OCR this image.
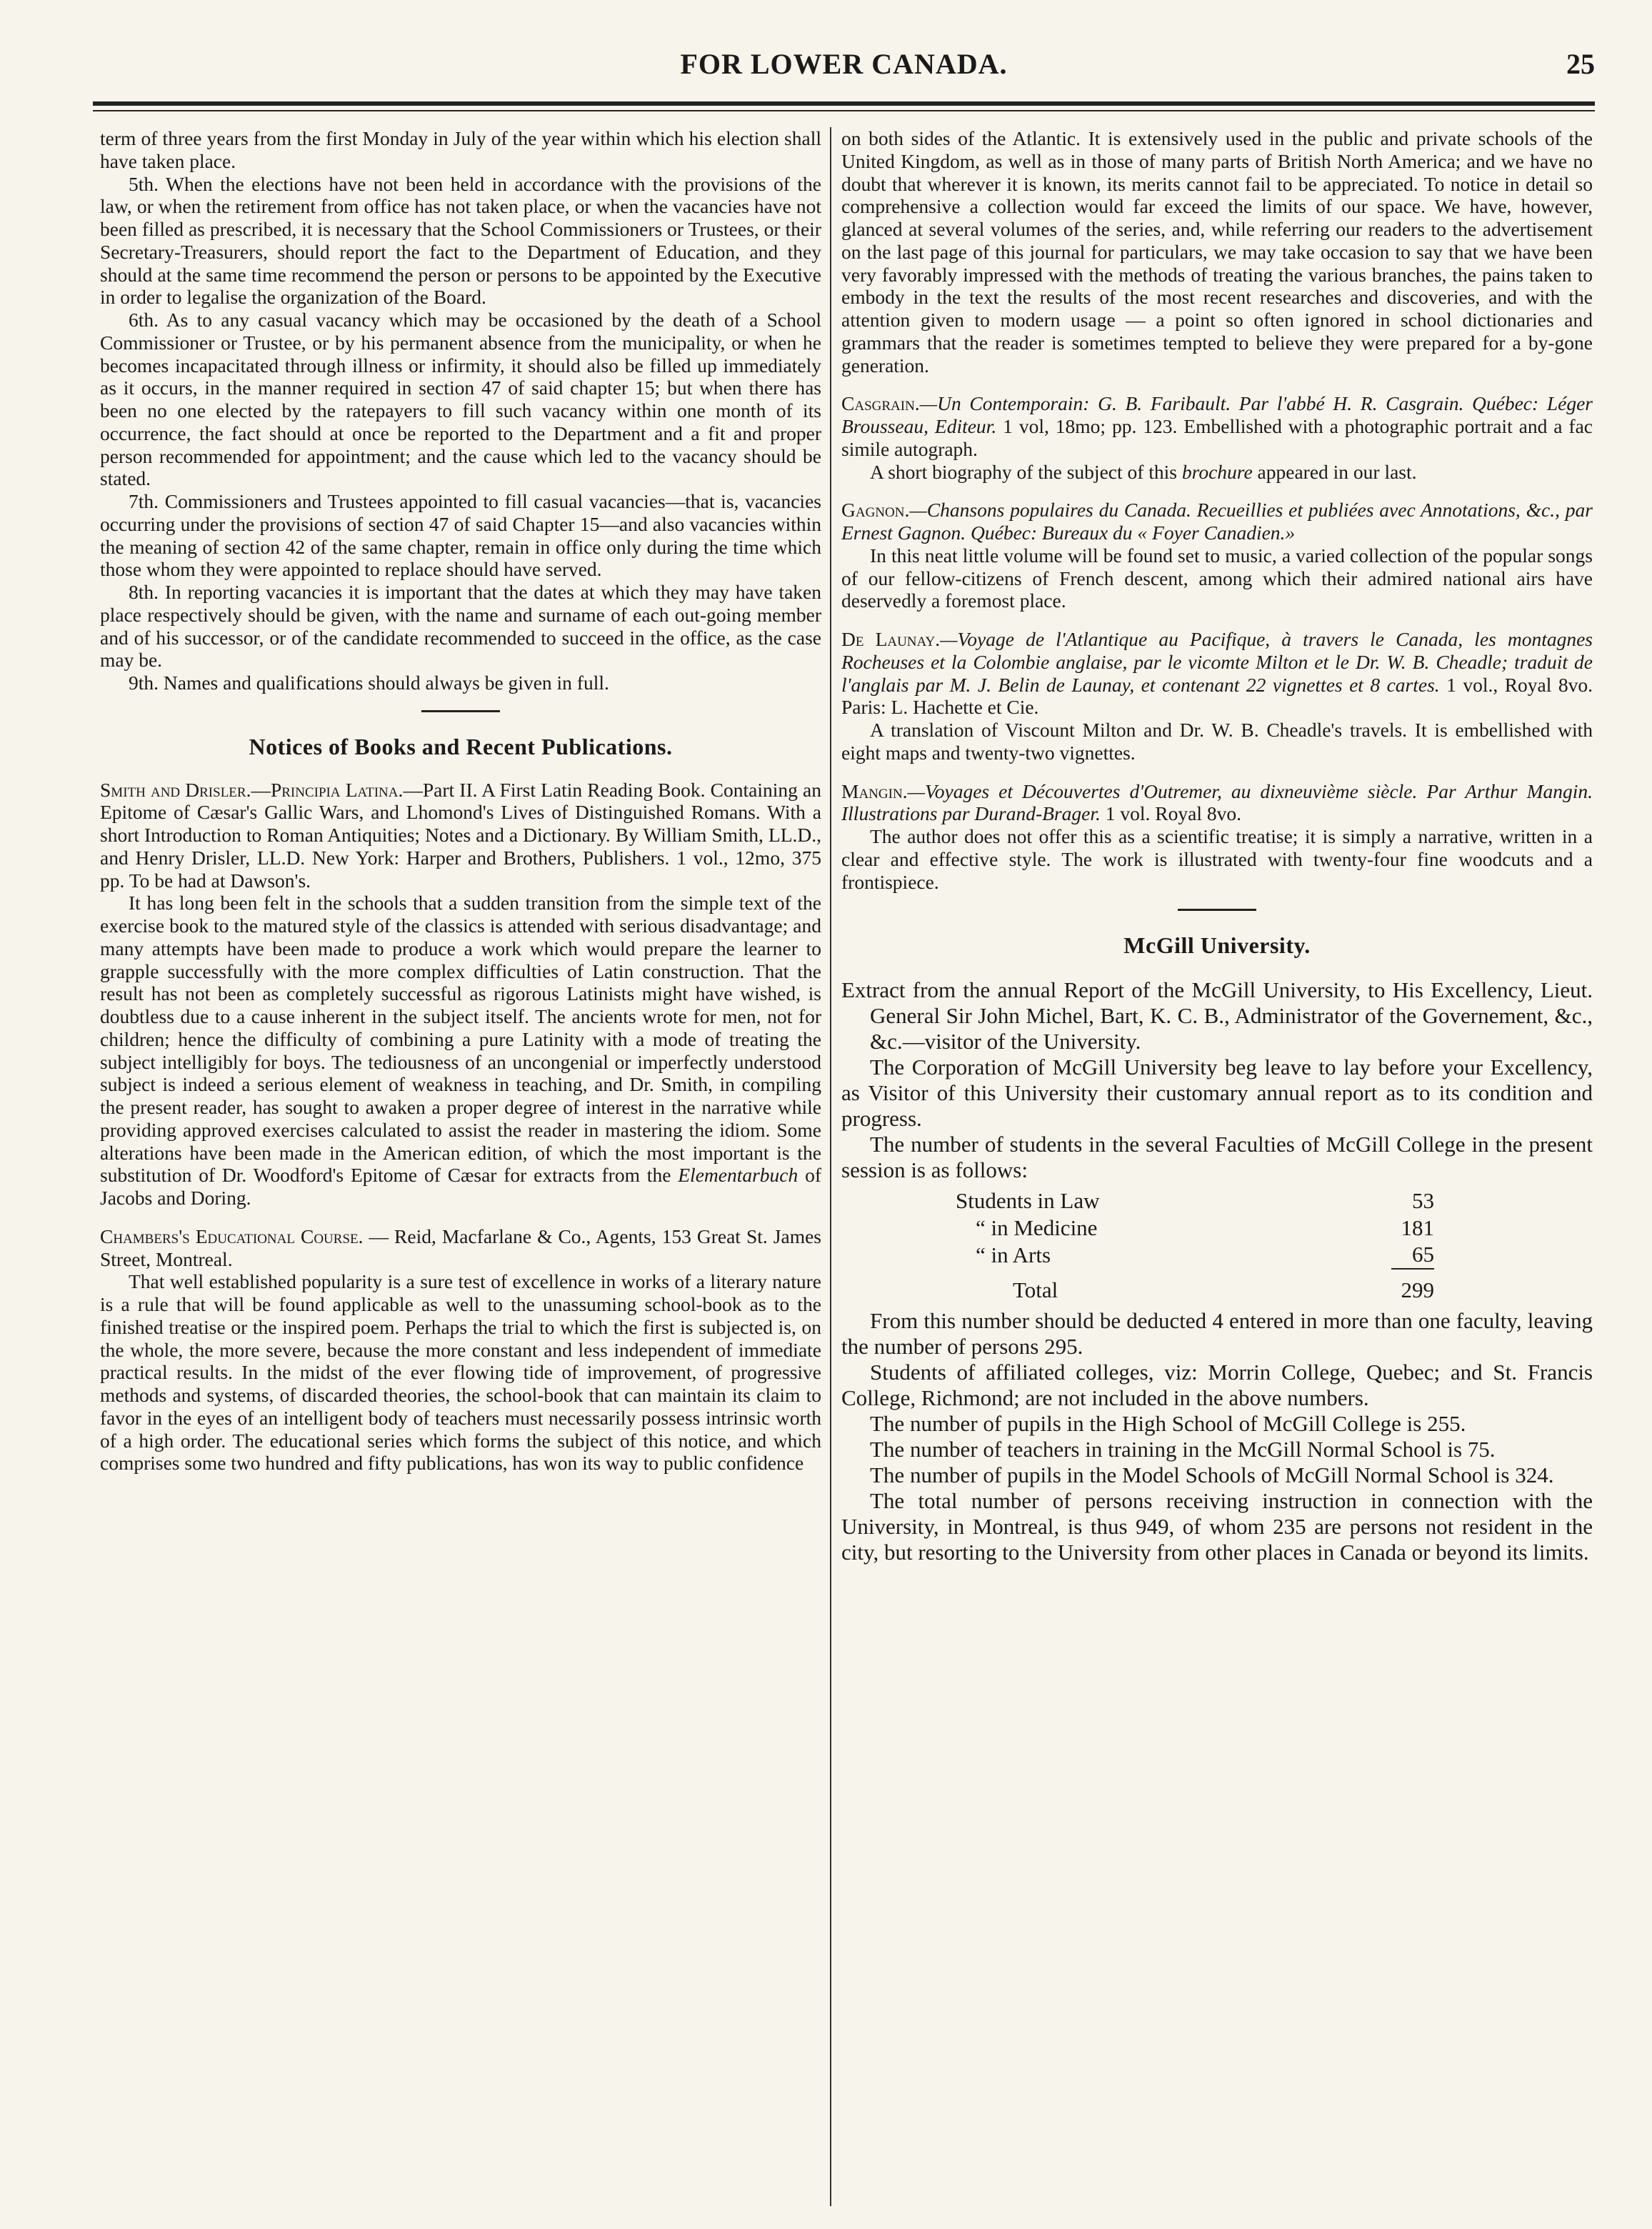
FOR LOWER CANADA.	25

term of three years from the first Monday in July of the year within which his election shall have taken place.

5th. When the elections have not been held in accordance with the provisions of the law, or when the retirement from office has not taken place, or when the vacancies have not been filled as prescribed, it is necessary that the School Commissioners or Trustees, or their Secretary-Treasurers, should report the fact to the Department of Education, and they should at the same time recommend the person or persons to be appointed by the Executive in order to legalise the organization of the Board.

6th. As to any casual vacancy which may be occasioned by the death of a School Commissioner or Trustee, or by his permanent absence from the municipality, or when he becomes incapacitated through illness or infirmity, it should also be filled up immediately as it occurs, in the manner required in section 47 of said chapter 15; but when there has been no one elected by the ratepayers to fill such vacancy within one month of its occurrence, the fact should at once be reported to the Department and a fit and proper person recommended for appointment; and the cause which led to the vacancy should be stated.

7th. Commissioners and Trustees appointed to fill casual vacancies—that is, vacancies occurring under the provisions of section 47 of said Chapter 15—and also vacancies within the meaning of section 42 of the same chapter, remain in office only during the time which those whom they were appointed to replace should have served.

8th. In reporting vacancies it is important that the dates at which they may have taken place respectively should be given, with the name and surname of each out-going member and of his successor, or of the candidate recommended to succeed in the office, as the case may be.

9th. Names and qualifications should always be given in full.

Notices of Books and Recent Publications.

Smith and Drisler.—Principia Latina.—Part II. A First Latin Reading Book. Containing an Epitome of Cæsar's Gallic Wars, and Lhomond's Lives of Distinguished Romans. With a short Introduction to Roman Antiquities; Notes and a Dictionary. By William Smith, LL.D., and Henry Drisler, LL.D. New York: Harper and Brothers, Publishers. 1 vol., 12mo, 375 pp. To be had at Dawson's.

It has long been felt in the schools that a sudden transition from the simple text of the exercise book to the matured style of the classics is attended with serious disadvantage; and many attempts have been made to produce a work which would prepare the learner to grapple successfully with the more complex difficulties of Latin construction. That the result has not been as completely successful as rigorous Latinists might have wished, is doubtless due to a cause inherent in the subject itself. The ancients wrote for men, not for children; hence the difficulty of combining a pure Latinity with a mode of treating the subject intelligibly for boys. The tediousness of an uncongenial or imperfectly understood subject is indeed a serious element of weakness in teaching, and Dr. Smith, in compiling the present reader, has sought to awaken a proper degree of interest in the narrative while providing approved exercises calculated to assist the reader in mastering the idiom. Some alterations have been made in the American edition, of which the most important is the substitution of Dr. Woodford's Epitome of Cæsar for extracts from the Elementarbuch of Jacobs and Doring.

Chambers's Educational Course. — Reid, Macfarlane & Co., Agents, 153 Great St. James Street, Montreal.

That well established popularity is a sure test of excellence in works of a literary nature is a rule that will be found applicable as well to the unassuming school-book as to the finished treatise or the inspired poem. Perhaps the trial to which the first is subjected is, on the whole, the more severe, because the more constant and less independent of immediate practical results. In the midst of the ever flowing tide of improvement, of progressive methods and systems, of discarded theories, the school-book that can maintain its claim to favor in the eyes of an intelligent body of teachers must necessarily possess intrinsic worth of a high order. The educational series which forms the subject of this notice, and which comprises some two hundred and fifty publications, has won its way to public confidence

on both sides of the Atlantic. It is extensively used in the public and private schools of the United Kingdom, as well as in those of many parts of British North America; and we have no doubt that wherever it is known, its merits cannot fail to be appreciated. To notice in detail so comprehensive a collection would far exceed the limits of our space. We have, however, glanced at several volumes of the series, and, while referring our readers to the advertisement on the last page of this journal for particulars, we may take occasion to say that we have been very favorably impressed with the methods of treating the various branches, the pains taken to embody in the text the results of the most recent researches and discoveries, and with the attention given to modern usage — a point so often ignored in school dictionaries and grammars that the reader is sometimes tempted to believe they were prepared for a by-gone generation.

Casgrain.—Un Contemporain: G. B. Faribault. Par l'abbé H. R. Casgrain. Québec: Léger Brousseau, Editeur. 1 vol, 18mo; pp. 123. Embellished with a photographic portrait and a fac simile autograph.

A short biography of the subject of this brochure appeared in our last.

Gagnon.—Chansons populaires du Canada. Recueillies et publiées avec Annotations, &c., par Ernest Gagnon. Québec: Bureaux du « Foyer Canadien.»

In this neat little volume will be found set to music, a varied collection of the popular songs of our fellow-citizens of French descent, among which their admired national airs have deservedly a foremost place.

De Launay.—Voyage de l'Atlantique au Pacifique, à travers le Canada, les montagnes Rocheuses et la Colombie anglaise, par le vicomte Milton et le Dr. W. B. Cheadle; traduit de l'anglais par M. J. Belin de Launay, et contenant 22 vignettes et 8 cartes. 1 vol., Royal 8vo. Paris: L. Hachette et Cie.

A translation of Viscount Milton and Dr. W. B. Cheadle's travels. It is embellished with eight maps and twenty-two vignettes.

Mangin.—Voyages et Découvertes d'Outremer, au dixneuvième siècle. Par Arthur Mangin. Illustrations par Durand-Brager. 1 vol. Royal 8vo.

The author does not offer this as a scientific treatise; it is simply a narrative, written in a clear and effective style. The work is illustrated with twenty-four fine woodcuts and a frontispiece.

McGill University.

Extract from the annual Report of the McGill University, to His Excellency, Lieut. General Sir John Michel, Bart, K. C. B., Administrator of the Governement, &c., &c.—visitor of the University.

The Corporation of McGill University beg leave to lay before your Excellency, as Visitor of this University their customary annual report as to its condition and progress.

The number of students in the several Faculties of McGill College in the present session is as follows:

Students in Law	53
“ in Medicine	181
“ in Arts	65
Total	299

From this number should be deducted 4 entered in more than one faculty, leaving the number of persons 295.

Students of affiliated colleges, viz: Morrin College, Quebec; and St. Francis College, Richmond; are not included in the above numbers.

The number of pupils in the High School of McGill College is 255.

The number of teachers in training in the McGill Normal School is 75.

The number of pupils in the Model Schools of McGill Normal School is 324.

The total number of persons receiving instruction in connection with the University, in Montreal, is thus 949, of whom 235 are persons not resident in the city, but resorting to the University from other places in Canada or beyond its limits.
